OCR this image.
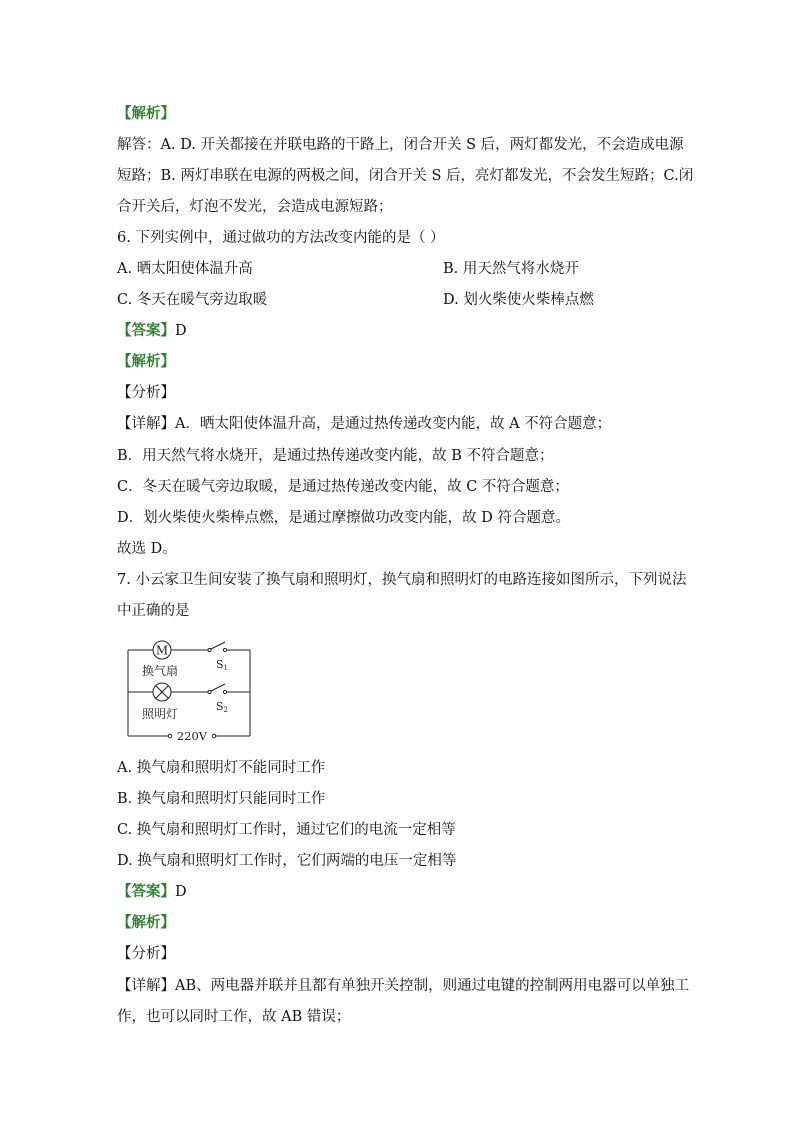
【解析】
解答：A. D. 开关都接在并联电路的干路上，闭合开关 S 后，两灯都发光，不会造成电源
短路；B. 两灯串联在电源的两极之间，闭合开关 S 后，亮灯都发光，不会发生短路；C.闭
合开关后，灯泡不发光，会造成电源短路；
6. 下列实例中，通过做功的方法改变内能的是（ ）
A. 晒太阳使体温升高	B. 用天然气将水烧开
C. 冬天在暖气旁边取暖	D. 划火柴使火柴棒点燃
【答案】D
【解析】
【分析】
【详解】A．晒太阳使体温升高，是通过热传递改变内能，故 A 不符合题意；
B．用天然气将水烧开，是通过热传递改变内能，故 B 不符合题意；
C．冬天在暖气旁边取暖，是通过热传递改变内能，故 C 不符合题意；
D．划火柴使火柴棒点燃，是通过摩擦做功改变内能，故 D 符合题意。
故选 D。
7. 小云家卫生间安装了换气扇和照明灯，换气扇和照明灯的电路连接如图所示，下列说法
中正确的是
M
换气扇	S1
照明灯
S2
220V
A. 换气扇和照明灯不能同时工作
B. 换气扇和照明灯只能同时工作
C. 换气扇和照明灯工作时，通过它们的电流一定相等
D. 换气扇和照明灯工作时，它们两端的电压一定相等
【答案】D
【解析】
【分析】
【详解】AB、两电器并联并且都有单独开关控制，则通过电键的控制两用电器可以单独工
作，也可以同时工作，故 AB 错误；
